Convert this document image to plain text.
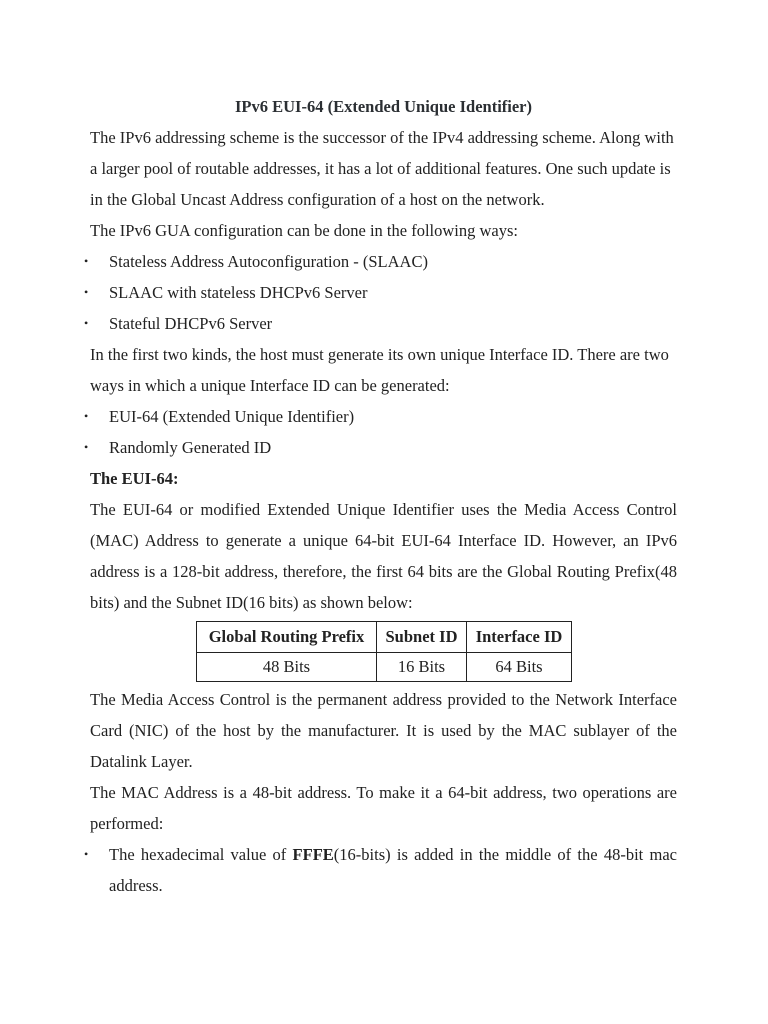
IPv6 EUI-64 (Extended Unique Identifier)

The IPv6 addressing scheme is the successor of the IPv4 addressing scheme. Along with a larger pool of routable addresses, it has a lot of additional features. One such update is in the Global Uncast Address configuration of a host on the network.

The IPv6 GUA configuration can be done in the following ways:

• Stateless Address Autoconfiguration - (SLAAC)
• SLAAC with stateless DHCPv6 Server
• Stateful DHCPv6 Server

In the first two kinds, the host must generate its own unique Interface ID. There are two ways in which a unique Interface ID can be generated:

• EUI-64 (Extended Unique Identifier)
• Randomly Generated ID

The EUI-64:

The EUI-64 or modified Extended Unique Identifier uses the Media Access Control (MAC) Address to generate a unique 64-bit EUI-64 Interface ID. However, an IPv6 address is a 128-bit address, therefore, the first 64 bits are the Global Routing Prefix(48 bits) and the Subnet ID(16 bits) as shown below:

Global Routing Prefix	Subnet ID	Interface ID
48 Bits	16 Bits	64 Bits

The Media Access Control is the permanent address provided to the Network Interface Card (NIC) of the host by the manufacturer. It is used by the MAC sublayer of the Datalink Layer.

The MAC Address is a 48-bit address. To make it a 64-bit address, two operations are performed:

• The hexadecimal value of FFFE(16-bits) is added in the middle of the 48-bit mac address.
